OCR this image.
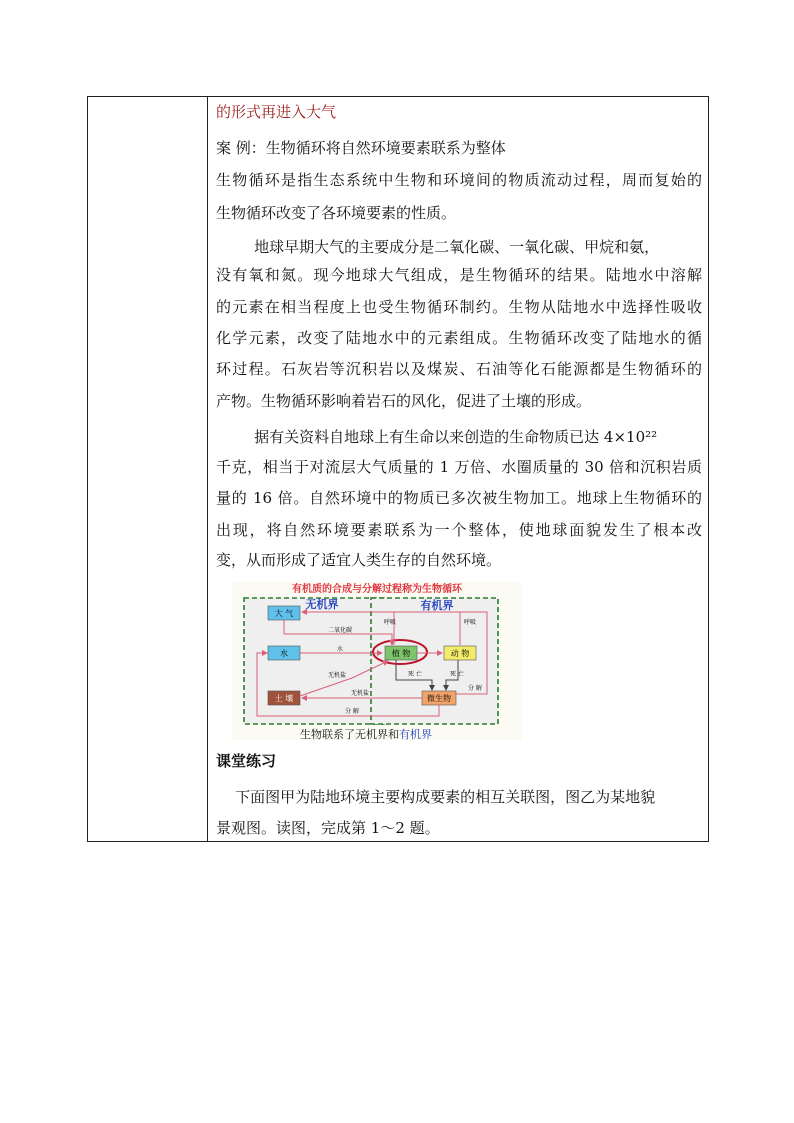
的形式再进入大气
案 例：生物循环将自然环境要素联系为整体
生物循环是指生态系统中生物和环境间的物质流动过程，周而复始的
生物循环改变了各环境要素的性质。
地球早期大气的主要成分是二氧化碳、一氧化碳、甲烷和氨，
没有氧和氮。现今地球大气组成，是生物循环的结果。陆地水中溶解
的元素在相当程度上也受生物循环制约。生物从陆地水中选择性吸收
化学元素，改变了陆地水中的元素组成。生物循环改变了陆地水的循
环过程。石灰岩等沉积岩以及煤炭、石油等化石能源都是生物循环的
产物。生物循环影响着岩石的风化，促进了土壤的形成。
据有关资料自地球上有生命以来创造的生命物质已达 4×10²²
千克，相当于对流层大气质量的 1 万倍、水圈质量的 30 倍和沉积岩质
量的 16 倍。自然环境中的物质已多次被生物加工。地球上生物循环的
出现，将自然环境要素联系为一个整体，使地球面貌发生了根本改
变，从而形成了适宜人类生存的自然环境。
有机质的合成与分解过程称为生物循环
无机界	有机界
大 气
水
土 壤
植 物	动 物
微生物
二氧化碳
水
无机盐
无机盐
呼吸	呼吸
死 亡	死 亡
分 解
分 解
生物联系了无机界和有机界
课堂练习
下面图甲为陆地环境主要构成要素的相互关联图，图乙为某地貌
景观图。读图，完成第 1～2 题。
